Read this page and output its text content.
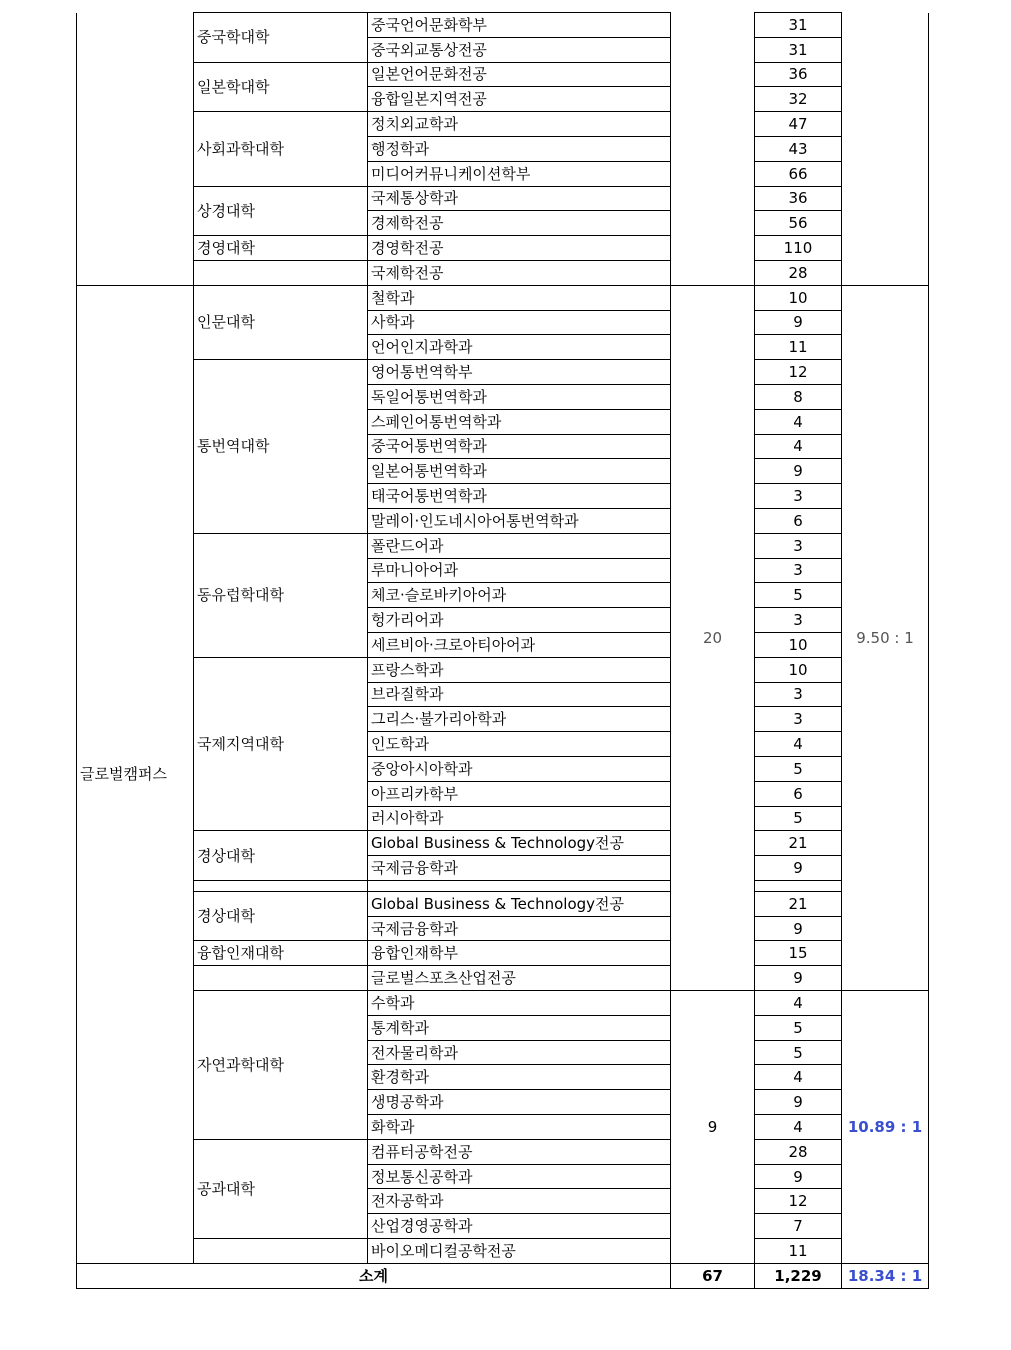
	중국학대학	중국언어문화학부		31	
		중국외교통상전공		31	
	일본학대학	일본언어문화전공		36	
		융합일본지역전공		32	
	사회과학대학	정치외교학과		47	
		행정학과		43	
		미디어커뮤니케이션학부		66	
	상경대학	국제통상학과		36	
		경제학전공		56	
	경영대학	경영학전공		110	
		국제학전공		28	
글로벌캠퍼스	인문대학	철학과	20	10	9.50 : 1
		사학과		9	
		언어인지과학과		11	
	통번역대학	영어통번역학부		12	
		독일어통번역학과		8	
		스페인어통번역학과		4	
		중국어통번역학과		4	
		일본어통번역학과		9	
		태국어통번역학과		3	
		말레이·인도네시아어통번역학과		6	
	동유럽학대학	폴란드어과		3	
		루마니아어과		3	
		체코·슬로바키아어과		5	
		헝가리어과		3	
		세르비아·크로아티아어과		10	
	국제지역대학	프랑스학과		10	
		브라질학과		3	
		그리스·불가리아학과		3	
		인도학과		4	
		중앙아시아학과		5	
		아프리카학부		6	
		러시아학과		5	
	경상대학	Global Business & Technology전공		21	
		국제금융학과		9	

	경상대학	Global Business & Technology전공		21	
		국제금융학과		9	
	융합인재대학	융합인재학부		15	
		글로벌스포츠산업전공		9	
	자연과학대학	수학과	9	4	10.89 : 1
		통계학과		5	
		전자물리학과		5	
		환경학과		4	
		생명공학과		9	
		화학과		4	
	공과대학	컴퓨터공학전공		28	
		정보통신공학과		9	
		전자공학과		12	
		산업경영공학과		7	
		바이오메디컬공학전공		11	
소계			67	1,229	18.34 : 1
